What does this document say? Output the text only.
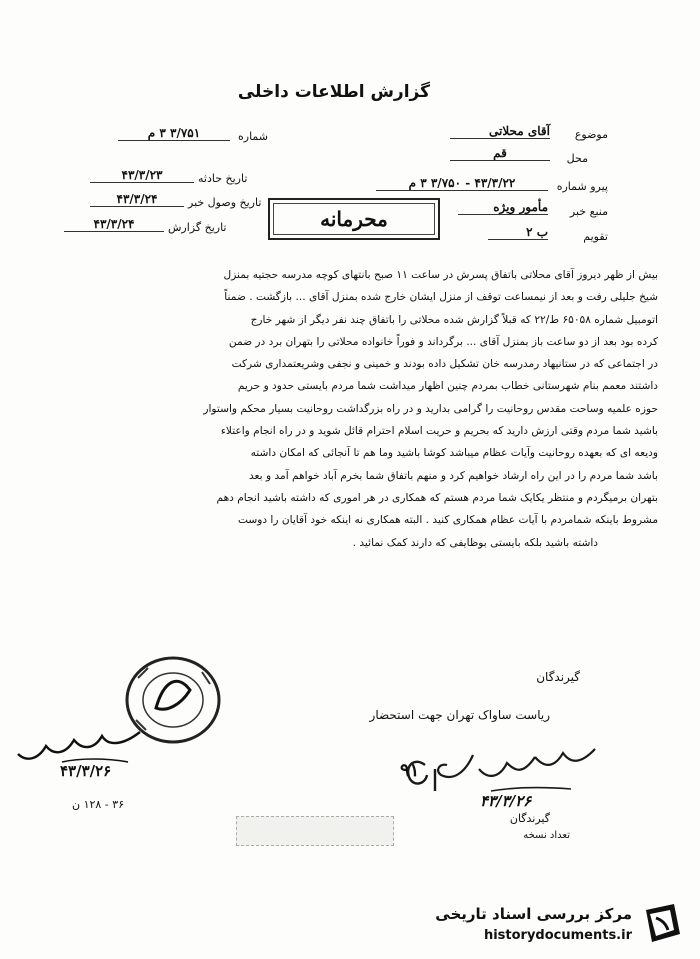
گزارش اطلاعات داخلی
موضوع
آقای محلاتی
محل
قم
پیرو شماره
۴۳/۳/۲۲ - ۳/۷۵۰ ۳ م
منبع خبر
مأمور ویژه
تقویم
ب ۲
شماره
۳/۷۵۱ ۳ م
تاریخ حادثه
۴۳/۳/۲۳
تاریخ وصول خبر
۴۳/۳/۲۴
تاریخ گزارش
۴۳/۳/۲۴	محرمانه
بیش از ظهر دیروز آقای محلاتی باتفاق پسرش در ساعت ۱۱ صبح بانتهای کوچه مدرسه حجتیه بمنزل
شیخ جلیلی رفت و بعد از نیمساعت توقف از منزل ایشان خارج شده بمنزل آقای ... بازگشت . ضمناً
اتومبیل شماره ۶۵۰۵۸ ط/۲۲ که قبلاً گزارش شده محلاتی را باتفاق چند نفر دیگر از شهر خارج
کرده بود بعد از دو ساعت باز بمنزل آقای ... برگرداند و فوراً خانواده محلاتی را بتهران برد در ضمن
در اجتماعی که در ستانیهاد رمدرسه خان تشکیل داده بودند و خمینی و نجفی وشریعتمداری شرکت
داشتند معمم بنام شهرستانی خطاب بمردم چنین اظهار میداشت شما مردم بایستی حدود و حریم
حوزه علمیه وساحت مقدس روحانیت را گرامی بدارید و در راه بزرگداشت روحانیت بسیار محکم واستوار
باشید شما مردم وقتی ارزش دارید که بحریم و حریت اسلام احترام قائل شوید و در راه انجام واعتلاء
وديعه اى كه بعهده روحانيت وآيات عظام ميباشد كوشا باشيد وما هم تا آنجائى كه امكان داشته
باشد شما مردم را در این راه ارشاد خواهیم کرد و منهم باتفاق شما بخرم آباد خواهم آمد و بعد
بتهران برمیگردم و منتظر یکایک شما مردم هستم که همکاری در هر اموری که داشته باشید انجام دهم
مشروط باینکه شمامردم با آیات عظام همکاری کنید . البته همکاری نه اینکه خود آقایان را دوست
داشته باشید بلکه بایستی بوظایفی که دارند کمک نمائید .
گیرندگان
ریاست ساواک تهران جهت استحضار
۴۳/۳/۲۶
۹۱
گیرندگان
تعداد نسخه
۴۳/۳/۲۶
۳۶ - ۱۲۸ ن
مرکز بررسی اسناد تاریخی
historydocuments.ir
